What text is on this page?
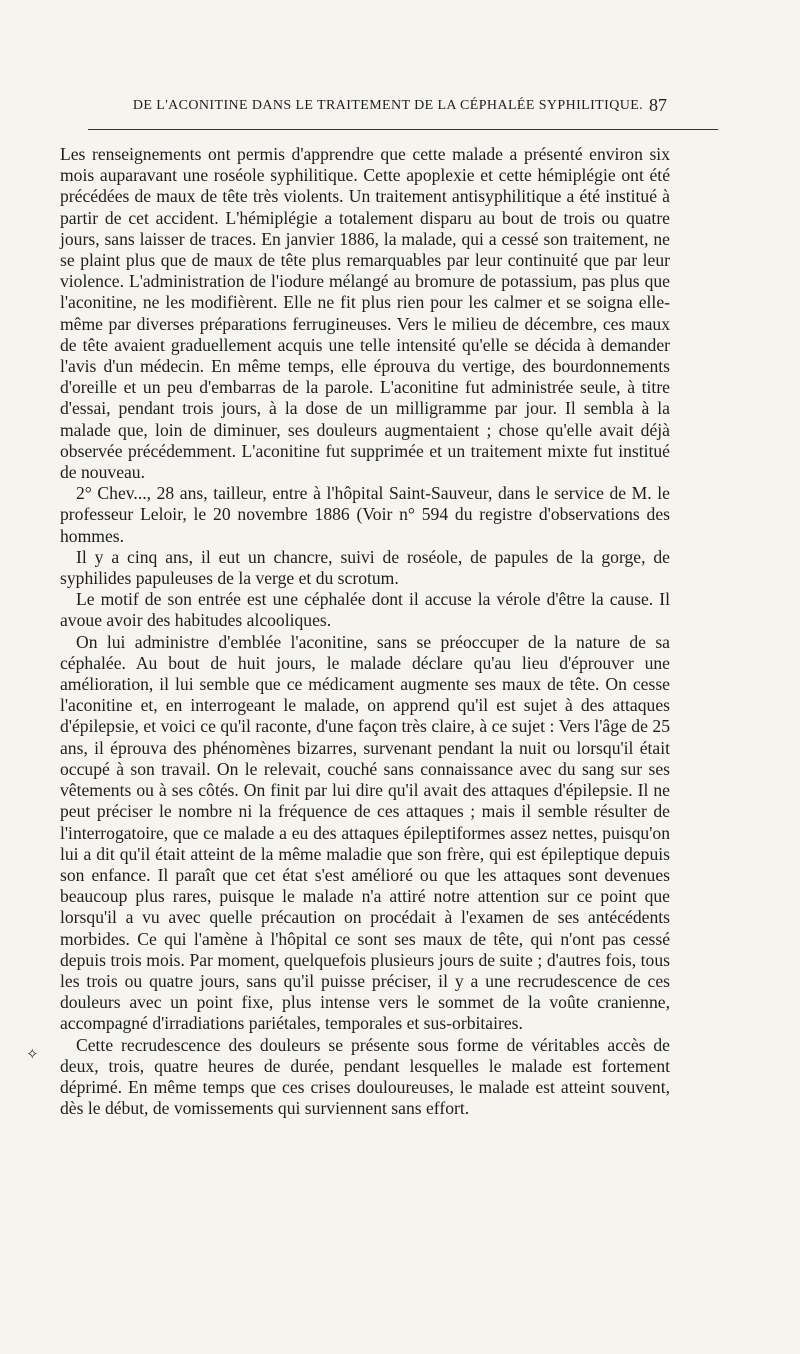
DE L'ACONITINE DANS LE TRAITEMENT DE LA CÉPHALÉE SYPHILITIQUE. 87

Les renseignements ont permis d'apprendre que cette malade a présenté environ six mois auparavant une roséole syphilitique. Cette apoplexie et cette hémiplégie ont été précédées de maux de tête très violents. Un traitement antisyphilitique a été institué à partir de cet accident. L'hémiplégie a totalement disparu au bout de trois ou quatre jours, sans laisser de traces. En janvier 1886, la malade, qui a cessé son traitement, ne se plaint plus que de maux de tête plus remarquables par leur continuité que par leur violence. L'administration de l'iodure mélangé au bromure de potassium, pas plus que l'aconitine, ne les modifièrent. Elle ne fit plus rien pour les calmer et se soigna elle-même par diverses préparations ferrugineuses. Vers le milieu de décembre, ces maux de tête avaient graduellement acquis une telle intensité qu'elle se décida à demander l'avis d'un médecin. En même temps, elle éprouva du vertige, des bourdonnements d'oreille et un peu d'embarras de la parole. L'aconitine fut administrée seule, à titre d'essai, pendant trois jours, à la dose de un milligramme par jour. Il sembla à la malade que, loin de diminuer, ses douleurs augmentaient ; chose qu'elle avait déjà observée précédemment. L'aconitine fut supprimée et un traitement mixte fut institué de nouveau.

2° Chev..., 28 ans, tailleur, entre à l'hôpital Saint-Sauveur, dans le service de M. le professeur Leloir, le 20 novembre 1886 (Voir n° 594 du registre d'observations des hommes.

Il y a cinq ans, il eut un chancre, suivi de roséole, de papules de la gorge, de syphilides papuleuses de la verge et du scrotum.

Le motif de son entrée est une céphalée dont il accuse la vérole d'être la cause. Il avoue avoir des habitudes alcooliques.

On lui administre d'emblée l'aconitine, sans se préoccuper de la nature de sa céphalée. Au bout de huit jours, le malade déclare qu'au lieu d'éprouver une amélioration, il lui semble que ce médicament augmente ses maux de tête. On cesse l'aconitine et, en interrogeant le malade, on apprend qu'il est sujet à des attaques d'épilepsie, et voici ce qu'il raconte, d'une façon très claire, à ce sujet : Vers l'âge de 25 ans, il éprouva des phénomènes bizarres, survenant pendant la nuit ou lorsqu'il était occupé à son travail. On le relevait, couché sans connaissance avec du sang sur ses vêtements ou à ses côtés. On finit par lui dire qu'il avait des attaques d'épilepsie. Il ne peut préciser le nombre ni la fréquence de ces attaques ; mais il semble résulter de l'interrogatoire, que ce malade a eu des attaques épileptiformes assez nettes, puisqu'on lui a dit qu'il était atteint de la même maladie que son frère, qui est épileptique depuis son enfance. Il paraît que cet état s'est amélioré ou que les attaques sont devenues beaucoup plus rares, puisque le malade n'a attiré notre attention sur ce point que lorsqu'il a vu avec quelle précaution on procédait à l'examen de ses antécédents morbides. Ce qui l'amène à l'hôpital ce sont ses maux de tête, qui n'ont pas cessé depuis trois mois. Par moment, quelquefois plusieurs jours de suite ; d'autres fois, tous les trois ou quatre jours, sans qu'il puisse préciser, il y a une recrudescence de ces douleurs avec un point fixe, plus intense vers le sommet de la voûte cranienne, accompagné d'irradiations pariétales, temporales et sus-orbitaires.

Cette recrudescence des douleurs se présente sous forme de véritables accès de deux, trois, quatre heures de durée, pendant lesquelles le malade est fortement déprimé. En même temps que ces crises douloureuses, le malade est atteint souvent, dès le début, de vomissements qui surviennent sans effort.

✧
